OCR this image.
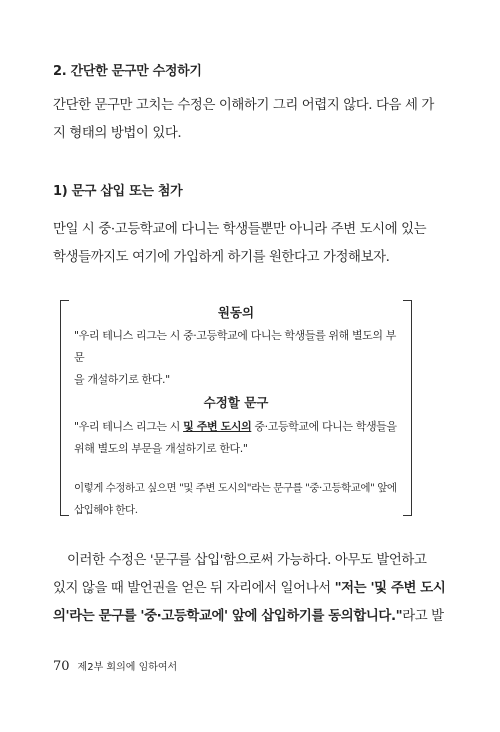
2. 간단한 문구만 수정하기
간단한 문구만 고치는 수정은 이해하기 그리 어렵지 않다. 다음 세 가
지 형태의 방법이 있다.
1) 문구 삽입 또는 첨가
만일 시 중·고등학교에 다니는 학생들뿐만 아니라 주변 도시에 있는
학생들까지도 여기에 가입하게 하기를 원한다고 가정해보자.
원동의
"우리 테니스 리그는 시 중·고등학교에 다니는 학생들를 위해 별도의 부문
을 개설하기로 한다."
수정할 문구
"우리 테니스 리그는 시 및 주변 도시의 중·고등학교에 다니는 학생들을
위해 별도의 부문을 개설하기로 한다."
이렇게 수정하고 싶으면 "및 주변 도시의"라는 문구를 "중·고등학교에" 앞에
삽입해야 한다.
이러한 수정은 '문구를 삽입'함으로써 가능하다. 아무도 발언하고
있지 않을 때 발언권을 얻은 뒤 자리에서 일어나서 "저는 '및 주변 도시
의'라는 문구를 '중·고등학교에' 앞에 삽입하기를 동의합니다."라고 발
70 제2부 회의에 임하여서
